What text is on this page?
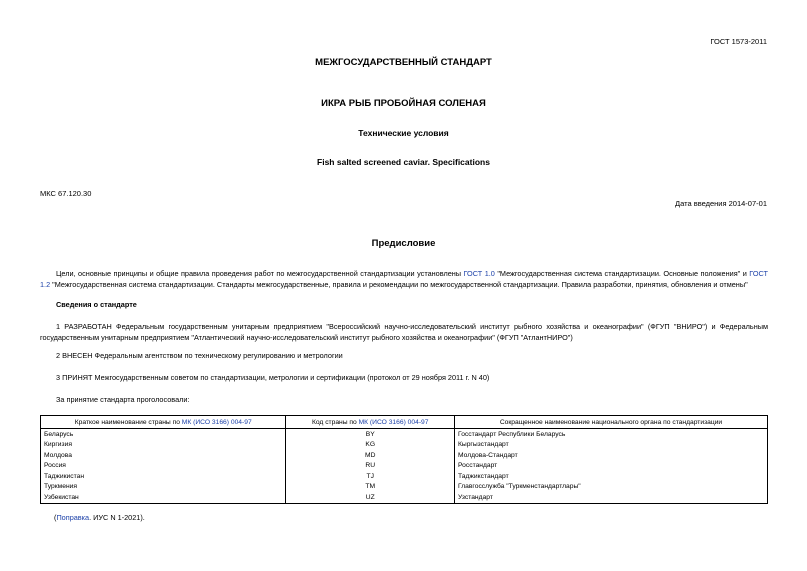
ГОСТ 1573-2011
МЕЖГОСУДАРСТВЕННЫЙ СТАНДАРТ
ИКРА РЫБ ПРОБОЙНАЯ СОЛЕНАЯ
Технические условия
Fish salted screened caviar. Specifications
МКС 67.120.30
Дата введения 2014-07-01
Предисловие
Цели, основные принципы и общие правила проведения работ по межгосударственной стандартизации установлены ГОСТ 1.0 "Межгосударственная система стандартизации. Основные положения" и ГОСТ 1.2 "Межгосударственная система стандартизации. Стандарты межгосударственные, правила и рекомендации по межгосударственной стандартизации. Правила разработки, принятия, обновления и отмены"
Сведения о стандарте
1 РАЗРАБОТАН Федеральным государственным унитарным предприятием "Всероссийский научно-исследовательский институт рыбного хозяйства и океанографии" (ФГУП "ВНИРО") и Федеральным государственным унитарным предприятием "Атлантический научно-исследовательский институт рыбного хозяйства и океанографии" (ФГУП "АтлантНИРО")
2 ВНЕСЕН Федеральным агентством по техническому регулированию и метрологии
3 ПРИНЯТ Межгосударственным советом по стандартизации, метрологии и сертификации (протокол от 29 ноября 2011 г. N 40)
За принятие стандарта проголосовали:
Краткое наименование страны по МК (ИСО 3166) 004-97	Код страны по МК (ИСО 3166) 004-97	Сокращенное наименование национального органа по стандартизации
Беларусь	BY	Госстандарт Республики Беларусь
Киргизия	KG	Кыргызстандарт
Молдова	MD	Молдова-Стандарт
Россия	RU	Росстандарт
Таджикистан	TJ	Таджикстандарт
Туркмения	TM	Главгосслужба "Туркменстандартлары"
Узбекистан	UZ	Узстандарт
(Поправка. ИУС N 1-2021).
